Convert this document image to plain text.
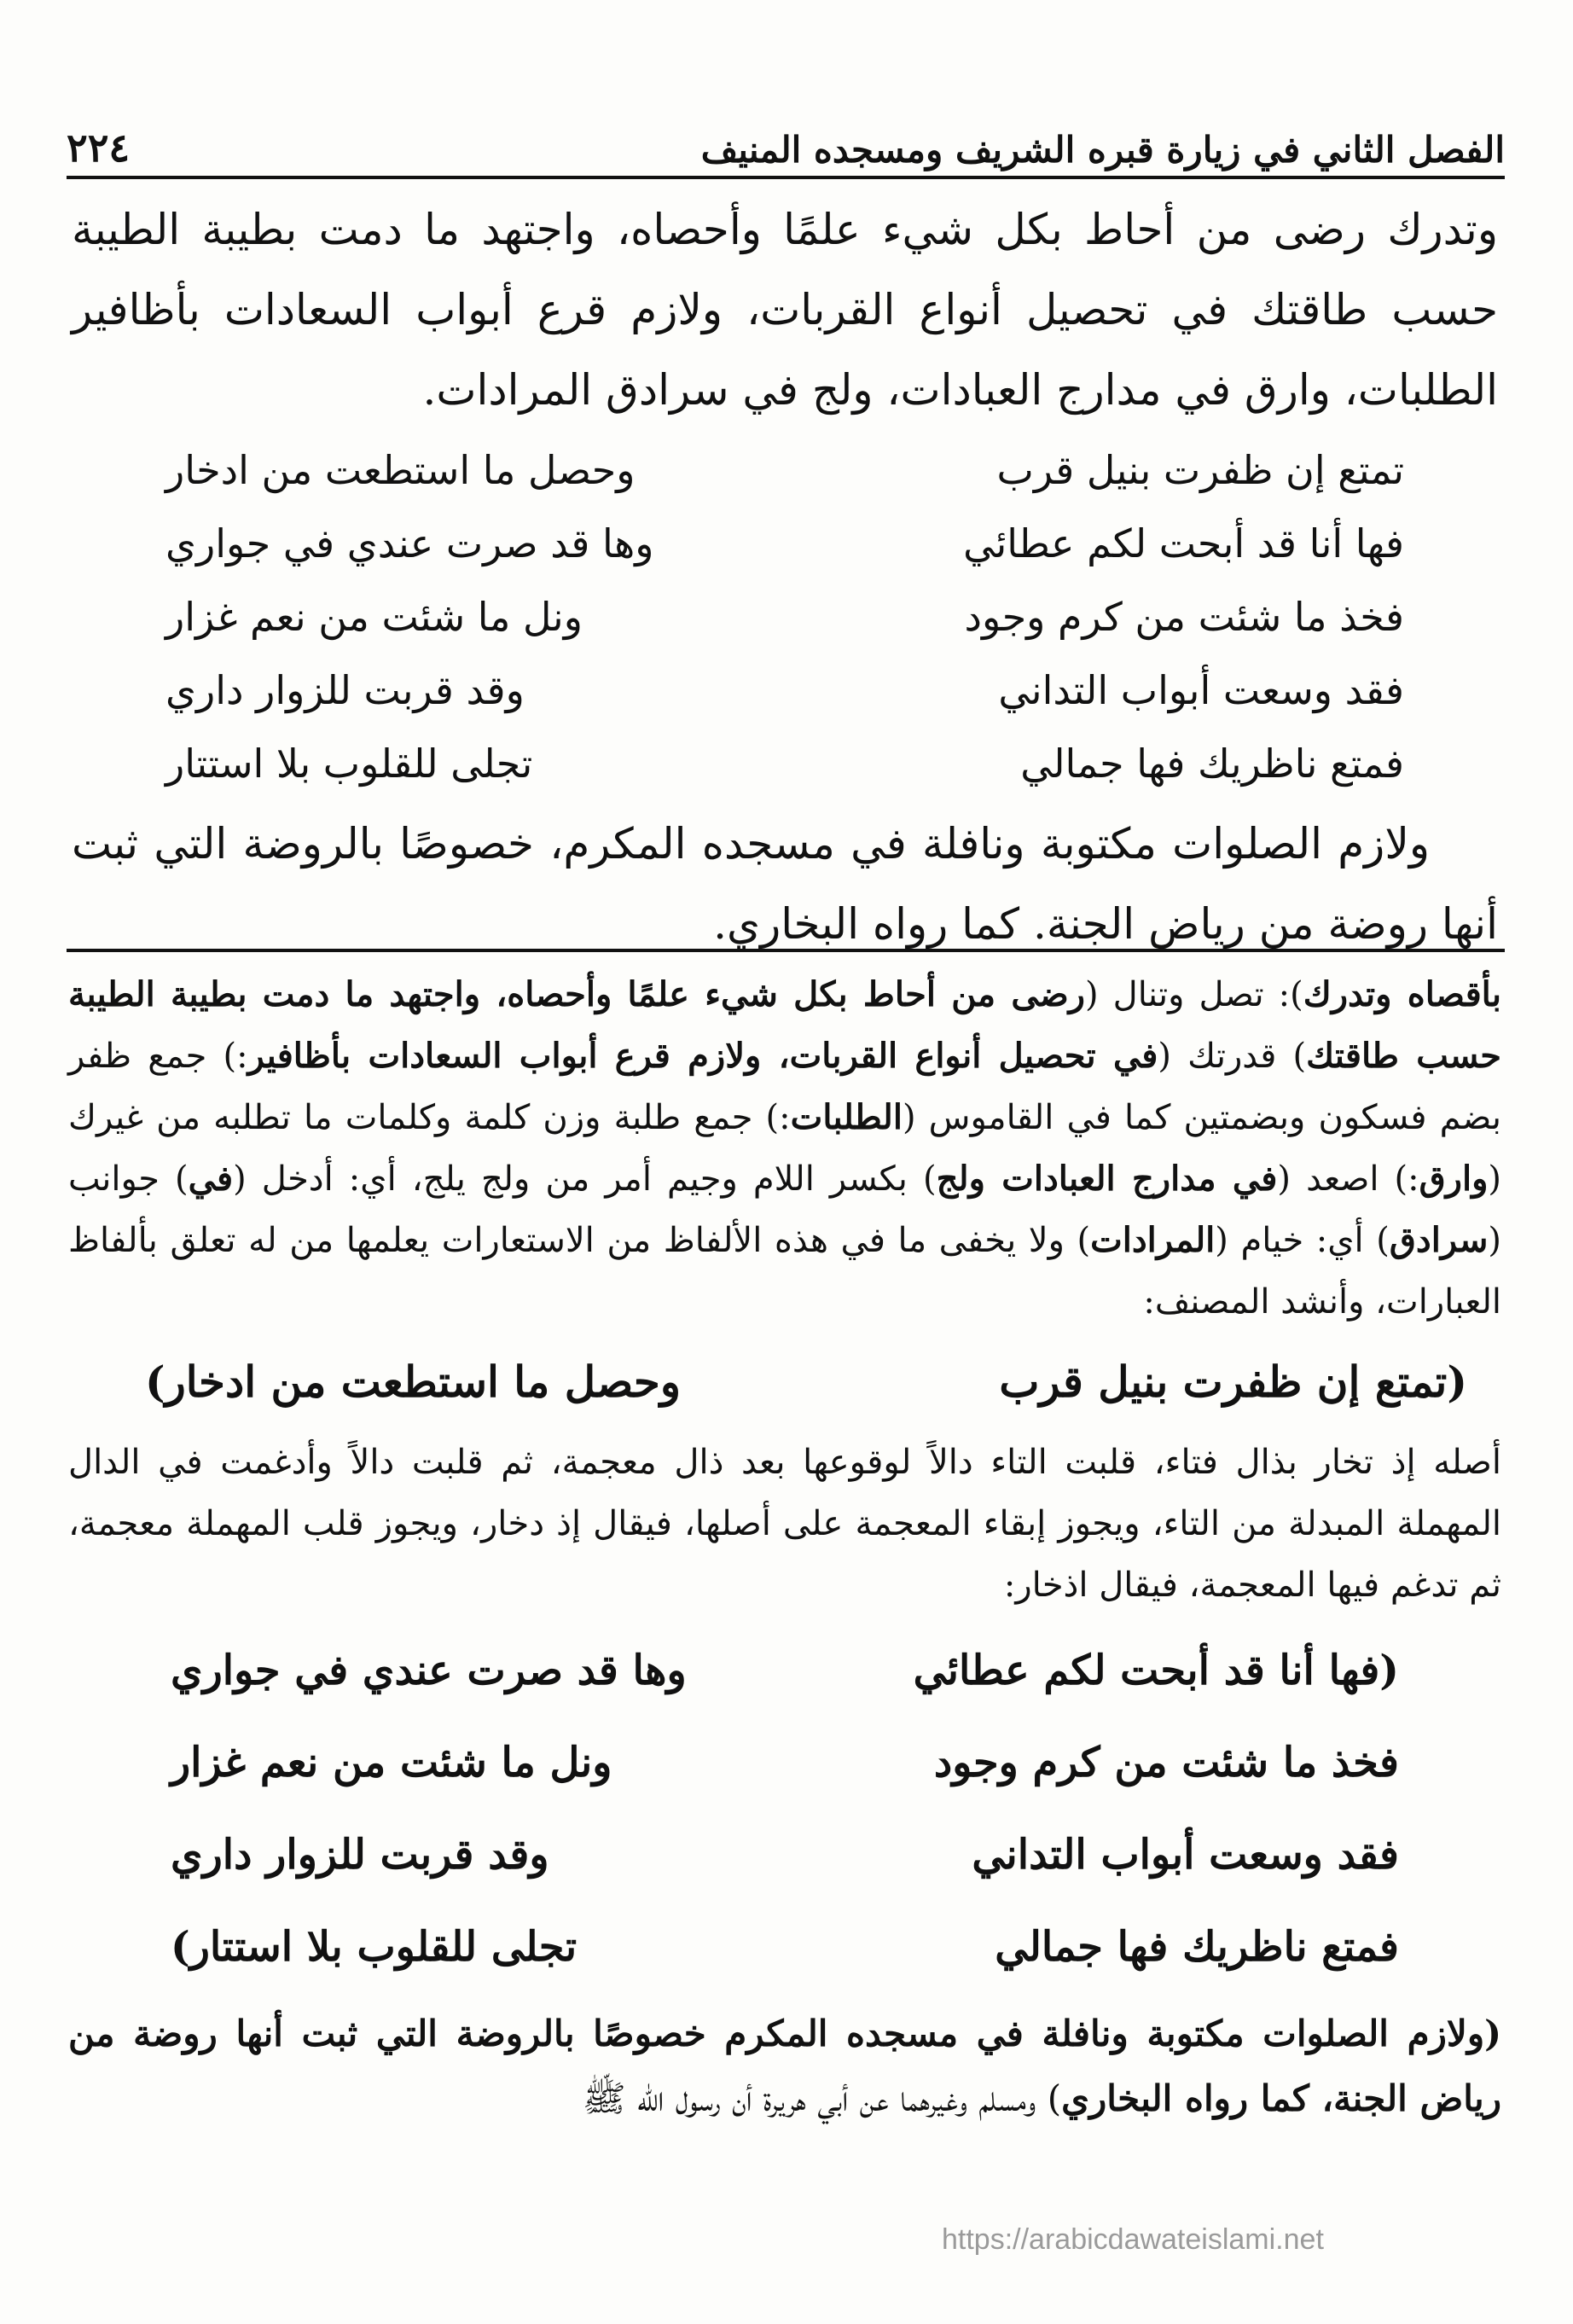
الفصل الثاني في زيارة قبره الشريف ومسجده المنيف
٢٢٤

وتدرك رضى من أحاط بكل شيء علمًا وأحصاه، واجتهد ما دمت بطيبة الطيبة حسب طاقتك في تحصيل أنواع القربات، ولازم قرع أبواب السعادات بأظافير الطلبات، وارق في مدارج العبادات، ولج في سرادق المرادات.

تمتع إن ظفرت بنيل قرب
وحصل ما استطعت من ادخار
فها أنا قد أبحت لكم عطائي
وها قد صرت عندي في جواري
فخذ ما شئت من كرم وجود
ونل ما شئت من نعم غزار
فقد وسعت أبواب التداني
وقد قربت للزوار داري
فمتع ناظريك فها جمالي
تجلى للقلوب بلا استتار

ولازم الصلوات مكتوبة ونافلة في مسجده المكرم، خصوصًا بالروضة التي ثبت أنها روضة من رياض الجنة. كما رواه البخاري.

بأقصاه وتدرك): تصل وتنال (رضى من أحاط بكل شيء علمًا وأحصاه، واجتهد ما دمت بطيبة الطيبة حسب طاقتك) قدرتك (في تحصيل أنواع القربات، ولازم قرع أبواب السعادات بأظافير:) جمع ظفر بضم فسكون وبضمتين كما في القاموس (الطلبات:) جمع طلبة وزن كلمة وكلمات ما تطلبه من غيرك (وارق:) اصعد (في مدارج العبادات ولج) بكسر اللام وجيم أمر من ولج يلج، أي: أدخل (في) جوانب (سرادق) أي: خيام (المرادات) ولا يخفى ما في هذه الألفاظ من الاستعارات يعلمها من له تعلق بألفاظ العبارات، وأنشد المصنف:

(تمتع إن ظفرت بنيل قرب
وحصل ما استطعت من ادخار)

أصله إذ تخار بذال فتاء، قلبت التاء دالاً لوقوعها بعد ذال معجمة، ثم قلبت دالاً وأدغمت في الدال المهملة المبدلة من التاء، ويجوز إبقاء المعجمة على أصلها، فيقال إذ دخار، ويجوز قلب المهملة معجمة، ثم تدغم فيها المعجمة، فيقال اذخار:

(فها أنا قد أبحت لكم عطائي
وها قد صرت عندي في جواري
فخذ ما شئت من كرم وجود
ونل ما شئت من نعم غزار
فقد وسعت أبواب التداني
وقد قربت للزوار داري
فمتع ناظريك فها جمالي
تجلى للقلوب بلا استتار)

(ولازم الصلوات مكتوبة ونافلة في مسجده المكرم خصوصًا بالروضة التي ثبت أنها روضة من رياض الجنة، كما رواه البخاري) ومسلم وغيرهما عن أبي هريرة أن رسول الله ﷺ

https://arabicdawateislami.net
